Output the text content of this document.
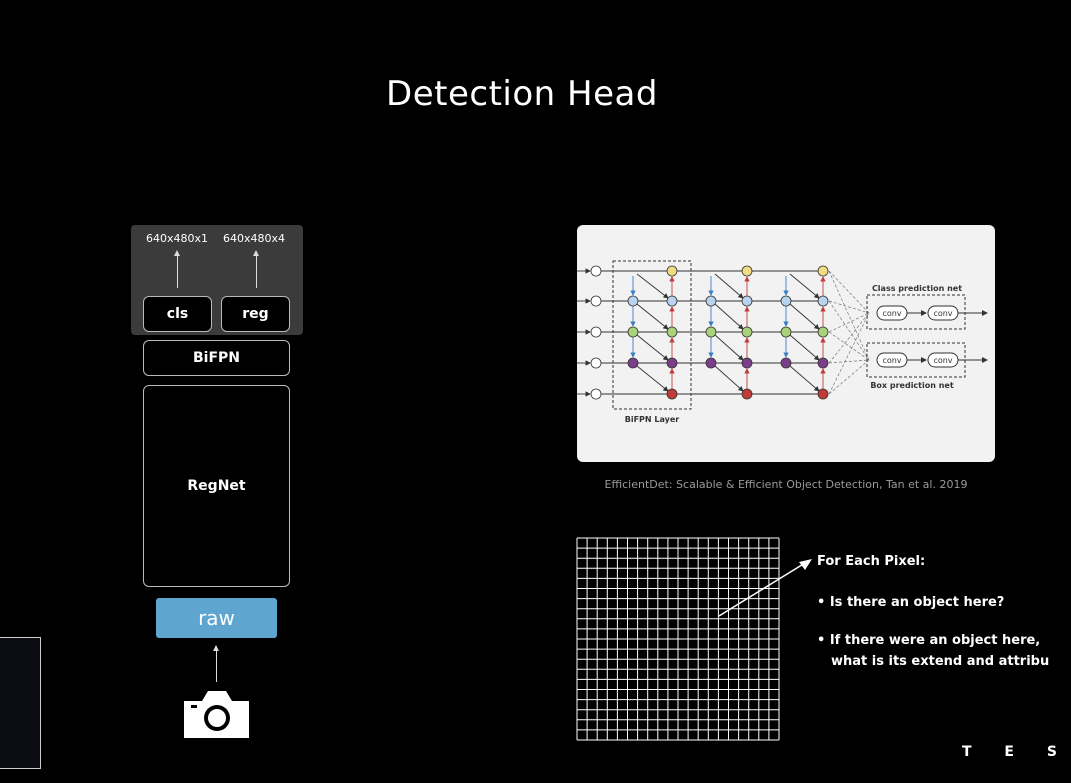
Detection Head
640x480x1 640x480x4
cls	reg
BiFPN
RegNet
raw
BiFPN Layer
Class prediction net
conv	conv
Box prediction net
conv	conv
EfficientDet: Scalable & Efficient Object Detection, Tan et al. 2019
For Each Pixel:
• Is there an object here?
• If there were an object here,
what is its extend and attribu
T E S
